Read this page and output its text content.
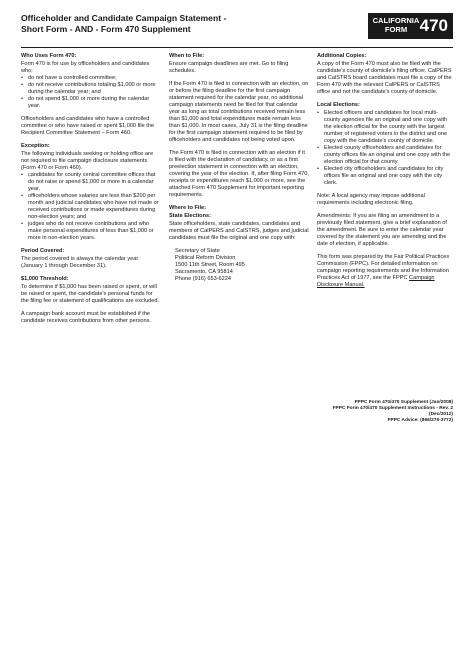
Officeholder and Candidate Campaign Statement -
Short Form - AND - Form 470 Supplement
CALIFORNIA
FORM 470
Who Uses Form 470:
Form 470 is for use by officeholders and candidates who:
• do not have a controlled committee;
• do not receive contributions totaling $1,000 or more during the calendar year; and
• do not spend $1,000 or more during the calendar year.
Officeholders and candidates who have a controlled committee or who have raised or spent $1,000 file the Recipient Committee Statement – Form 460.
Exception:
The following individuals seeking or holding office are not required to file campaign disclosure statements (Form 470 or Form 460).
• candidates for county central committee offices that do not raise or spend $1,000 or more in a calendar year.
• officeholders whose salaries are less than $200 per month and judicial candidates who have not made or received contributions or made expenditures during non-election years; and
• judges who do not receive contributions and who make personal expenditures of less than $1,000 or more in non-election years.
Period Covered:
The period covered is always the calendar year (January 1 through December 31).
$1,000 Threshold:
To determine if $1,000 has been raised or spent, or will be raised or spent, the candidate's personal funds for the filing fee or statement of qualifications are excluded.
A campaign bank account must be established if the candidate receives contributions from other persons.
When to File:
Ensure campaign deadlines are met. Go to filing schedules.
If the Form 470 is filed in connection with an election, on or before the filing deadline for the first campaign statement required for the calendar year, no additional campaign statements need be filed for that calendar year as long as total contributions received remain less than $1,000 and total expenditures made remain less than $1,000. In most cases, July 31 is the filing deadline for the first campaign statement required to be filed by officeholders and candidates not being voted upon.
The Form 470 is filed in connection with an election if it is filed with the declaration of candidacy, or as a first preelection statement in connection with an election, covering the year of the election. If, after filing Form 470, receipts or expenditures reach $1,000 or more, see the attached Form 470 Supplement for important reporting requirements.
Where to File:
State Elections:
State officeholders, state candidates, candidates and members of CalPERS and CalSTRS, judges and judicial candidates must file the original and one copy with:
Secretary of State
Political Reform Division
1500 11th Street, Room 495
Sacramento, CA 95814
Phone (916) 653-6224
Additional Copies:
A copy of the Form 470 must also be filed with the candidate's county of domicile's filing officer. CalPERS and CalSTRS board candidates must file a copy of the Form 470 with the relevant CalPERS or CalSTRS office and not the candidate's county of domicile.
Local Elections:
• Elected officers and candidates for local multi-county agencies file an original and one copy with the election official for the county with the largest number of registered voters in the district and one copy with the candidate's county of domicile.
• Elected county officeholders and candidates for county offices file an original and one copy with the election official for that county.
• Elected city officeholders and candidates for city offices file an original and one copy with the city clerk.
Note: A local agency may impose additional requirements including electronic filing.
Amendments: If you are filing an amendment to a previously filed statement, give a brief explanation of the amendment. Be sure to enter the calendar year covered by the statement you are amending and the date of election, if applicable.
This form was prepared by the Fair Political Practices Commission (FPPC). For detailed information on campaign reporting requirements and the Information Practices Act of 1977, see the FPPC Campaign Disclosure Manual.
FPPC Form 470/470 Supplement (Jan/2008)
FPPC Form 470/470 Supplement Instructions - Rev. 2 (Dec/2012)
FPPC Advice: (866/275-3772)
